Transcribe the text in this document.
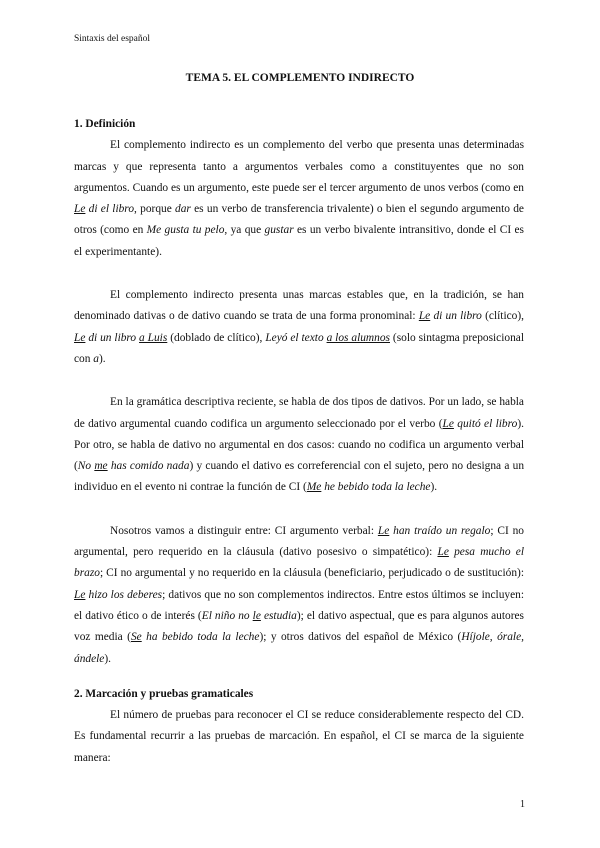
Sintaxis del español
TEMA 5. EL COMPLEMENTO INDIRECTO

1. Definición

El complemento indirecto es un complemento del verbo que presenta unas determinadas marcas y que representa tanto a argumentos verbales como a constituyentes que no son argumentos. Cuando es un argumento, este puede ser el tercer argumento de unos verbos (como en Le di el libro, porque dar es un verbo de transferencia trivalente) o bien el segundo argumento de otros (como en Me gusta tu pelo, ya que gustar es un verbo bivalente intransitivo, donde el CI es el experimentante).

El complemento indirecto presenta unas marcas estables que, en la tradición, se han denominado dativas o de dativo cuando se trata de una forma pronominal: Le di un libro (clítico), Le di un libro a Luis (doblado de clítico), Leyó el texto a los alumnos (solo sintagma preposicional con a).

En la gramática descriptiva reciente, se habla de dos tipos de dativos. Por un lado, se habla de dativo argumental cuando codifica un argumento seleccionado por el verbo (Le quitó el libro). Por otro, se habla de dativo no argumental en dos casos: cuando no codifica un argumento verbal (No me has comido nada) y cuando el dativo es correferencial con el sujeto, pero no designa a un individuo en el evento ni contrae la función de CI (Me he bebido toda la leche).

Nosotros vamos a distinguir entre: CI argumento verbal: Le han traído un regalo; CI no argumental, pero requerido en la cláusula (dativo posesivo o simpatético): Le pesa mucho el brazo; CI no argumental y no requerido en la cláusula (beneficiario, perjudicado o de sustitución): Le hizo los deberes; dativos que no son complementos indirectos. Entre estos últimos se incluyen: el dativo ético o de interés (El niño no le estudia); el dativo aspectual, que es para algunos autores voz media (Se ha bebido toda la leche); y otros dativos del español de México (Híjole, órale, ándele).

2. Marcación y pruebas gramaticales

El número de pruebas para reconocer el CI se reduce considerablemente respecto del CD. Es fundamental recurrir a las pruebas de marcación. En español, el CI se marca de la siguiente manera:

1
